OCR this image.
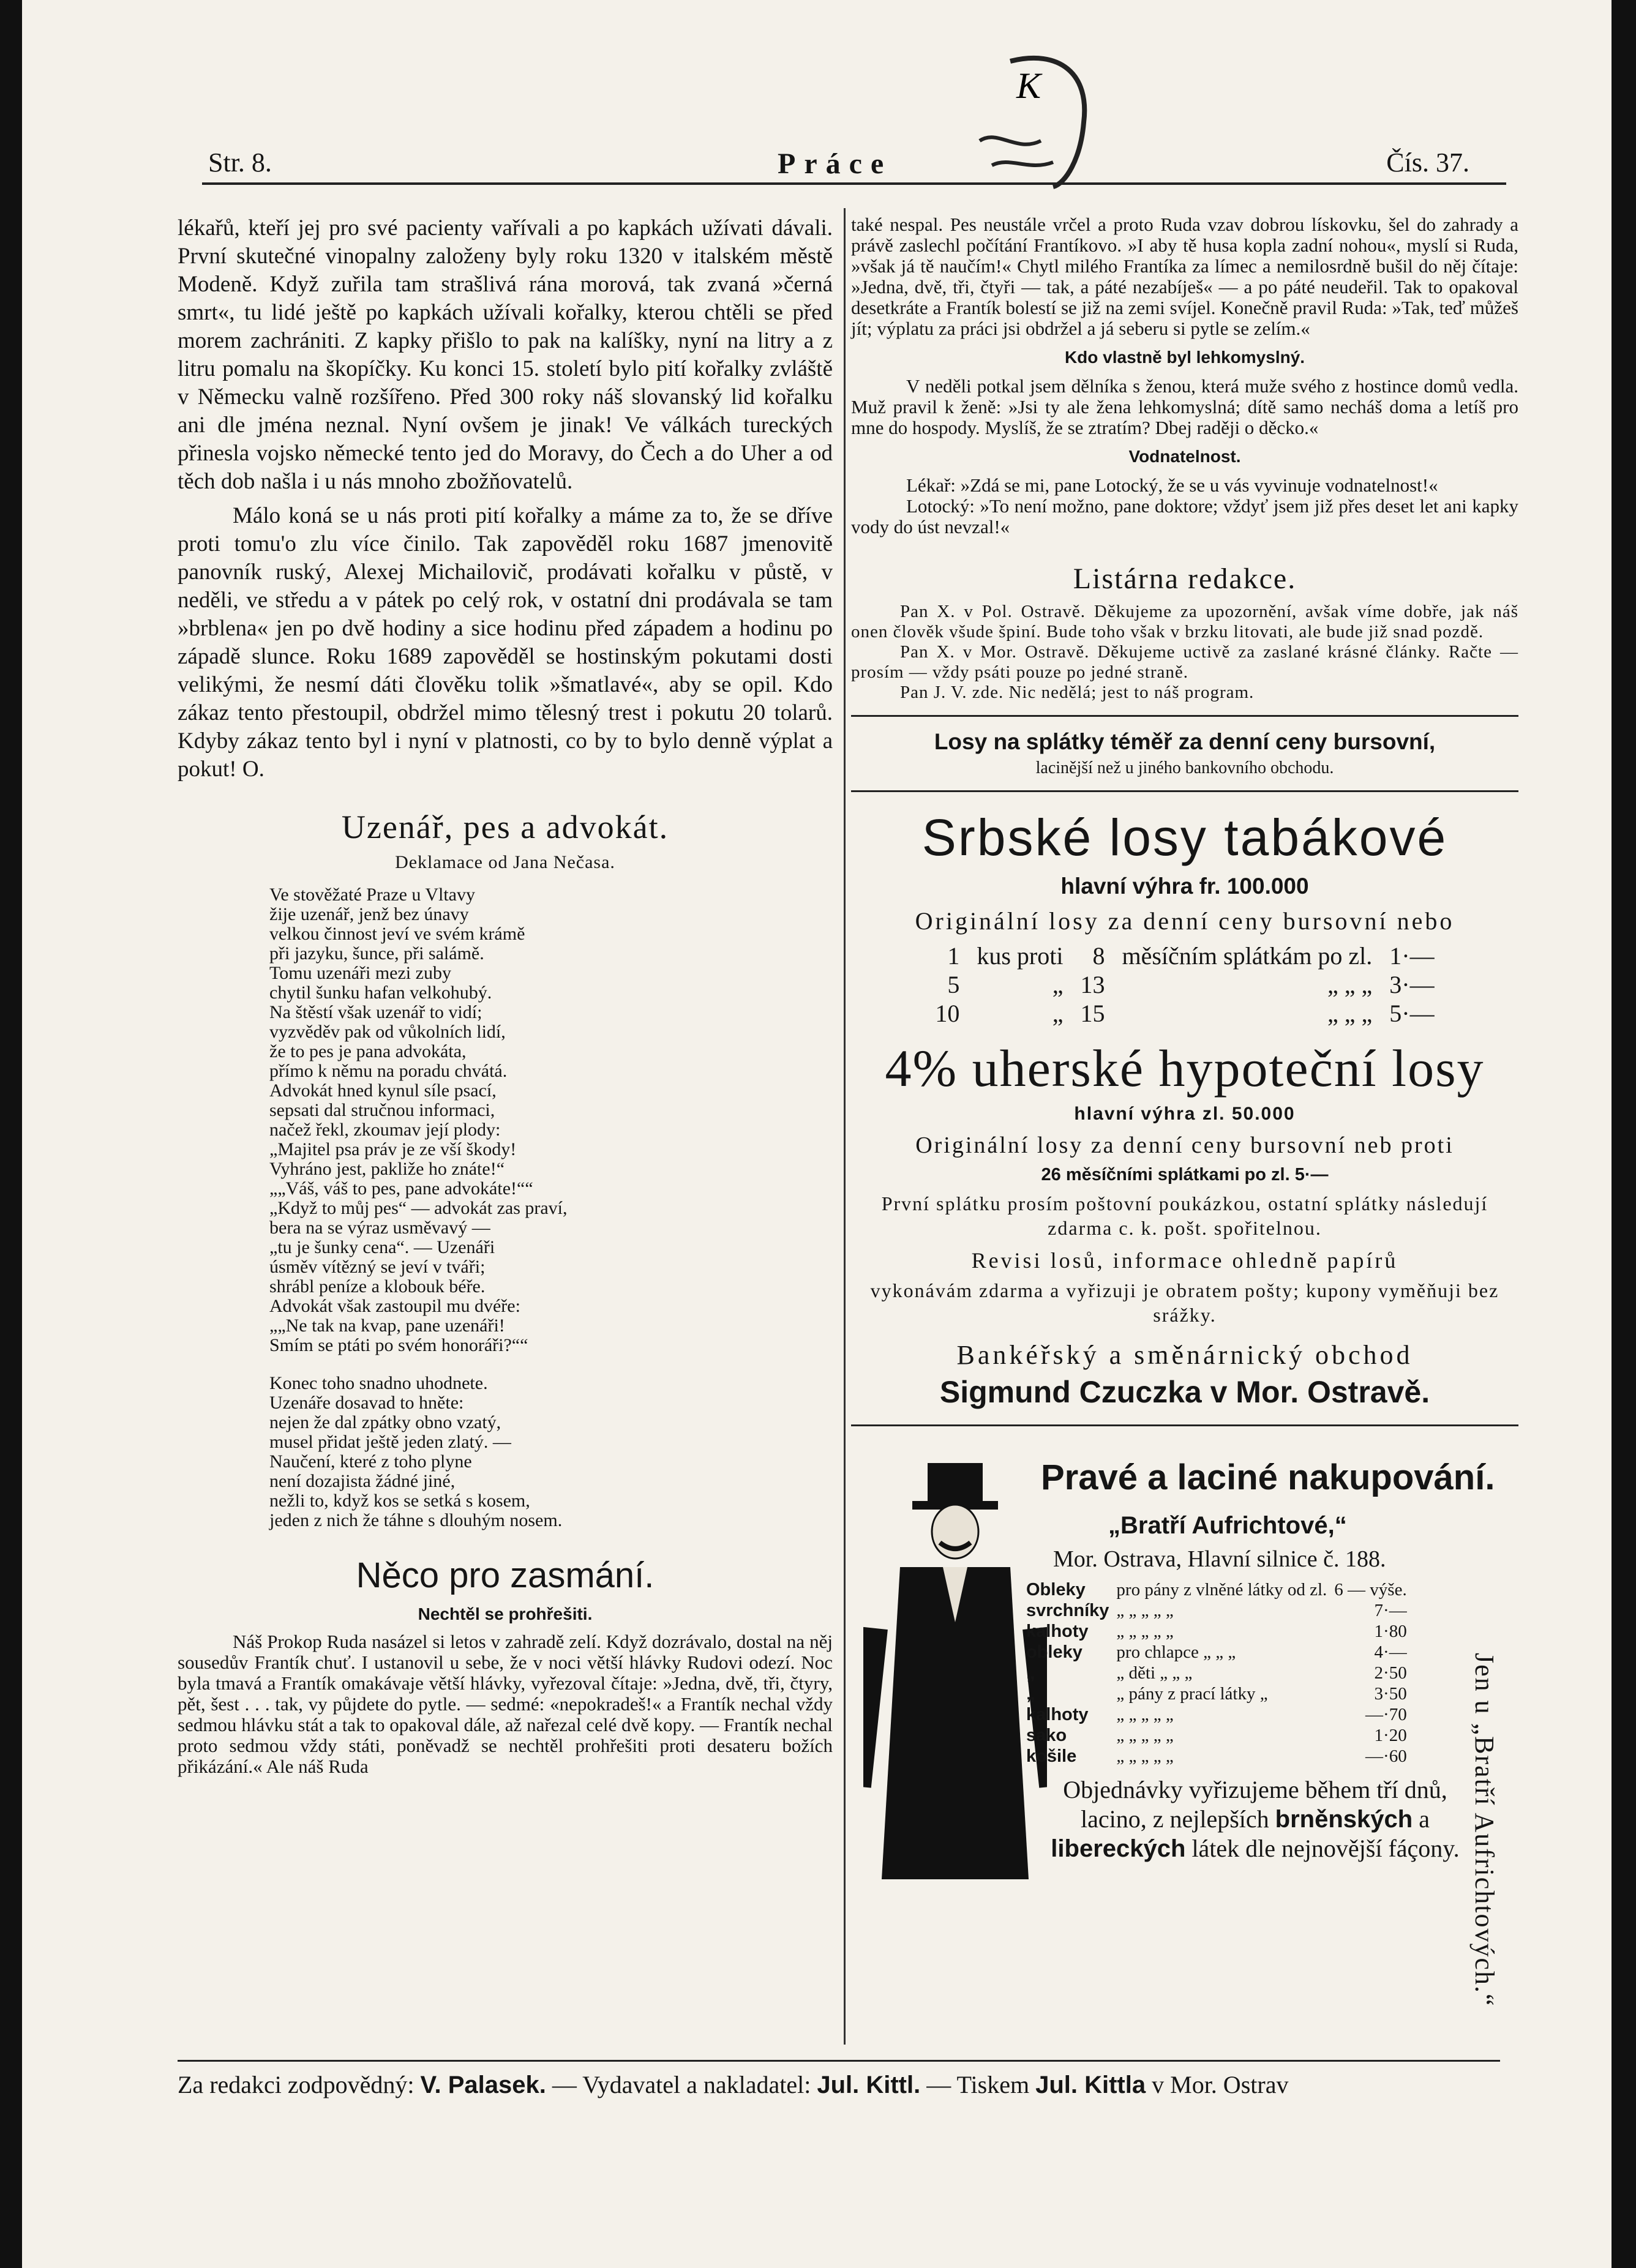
K
Str. 8.	Práce	Čís. 37.

lékařů, kteří jej pro své pacienty vařívali a po kapkách užívati dávali. První skutečné vinopalny založeny byly roku 1320 v italském městě Modeně. Když zuřila tam strašlivá rána morová, tak zvaná »černá smrt«, tu lidé ještě po kapkách užívali kořalky, kterou chtěli se před morem zachrániti. Z kapky přišlo to pak na kalíšky, nyní na litry a z litru pomalu na škopíčky. Ku konci 15. století bylo pití kořalky zvláště v Německu valně rozšířeno. Před 300 roky náš slovanský lid kořalku ani dle jména neznal. Nyní ovšem je jinak! Ve válkách tureckých přinesla vojsko německé tento jed do Moravy, do Čech a do Uher a od těch dob našla i u nás mnoho zbožňovatelů.

Málo koná se u nás proti pití kořalky a máme za to, že se dříve proti tomu'o zlu více činilo. Tak zapověděl roku 1687 jmenovitě panovník ruský, Alexej Michailovič, prodávati kořalku v půstě, v neděli, ve středu a v pátek po celý rok, v ostatní dni prodávala se tam »brblena« jen po dvě hodiny a sice hodinu před západem a hodinu po západě slunce. Roku 1689 zapověděl se hostinským pokutami dosti velikými, že nesmí dáti člověku tolik »šmatlavé«, aby se opil. Kdo zákaz tento přestoupil, obdržel mimo tělesný trest i pokutu 20 tolarů. Kdyby zákaz tento byl i nyní v platnosti, co by to bylo denně výplat a pokut! O.

Uzenář, pes a advokát.
Deklamace od Jana Nečasa.
Ve stověžaté Praze u Vltavy
žije uzenář, jenž bez únavy
velkou činnost jeví ve svém krámě
při jazyku, šunce, při salámě.
Tomu uzenáři mezi zuby
chytil šunku hafan velkohubý.
Na štěstí však uzenář to vidí;
vyzvěděv pak od vůkolních lidí,
že to pes je pana advokáta,
přímo k němu na poradu chvátá.
Advokát hned kynul síle psací,
sepsati dal stručnou informaci,
načež řekl, zkoumav její plody:
„Majitel psa práv je ze vší škody!
Vyhráno jest, pakliže ho znáte!“
„„Váš, váš to pes, pane advokáte!““
„Když to můj pes“ — advokát zas praví,
bera na se výraz usměvavý —
„tu je šunky cena“. — Uzenáři
úsměv vítězný se jeví v tváři;
shrábl peníze a klobouk béře.
Advokát však zastoupil mu dvéře:
„„Ne tak na kvap, pane uzenáři!
Smím se ptáti po svém honoráři?““
Konec toho snadno uhodnete.
Uzenáře dosavad to hněte:
nejen že dal zpátky obno vzatý,
musel přidat ještě jeden zlatý. —
Naučení, které z toho plyne
není dozajista žádné jiné,
nežli to, když kos se setká s kosem,
jeden z nich že táhne s dlouhým nosem.
Něco pro zasmání.
Nechtěl se prohřešiti.

Náš Prokop Ruda nasázel si letos v zahradě zelí. Když dozrávalo, dostal na něj sousedův Frantík chuť. I ustanovil u sebe, že v noci větší hlávky Rudovi odezí. Noc byla tmavá a Frantík omakávaje větší hlávky, vyřezoval čítaje: »Jedna, dvě, tři, čtyry, pět, šest . . . tak, vy půjdete do pytle. — sedmé: «nepokradeš!« a Frantík nechal vždy sedmou hlávku stát a tak to opakoval dále, až nařezal celé dvě kopy. — Frantík nechal proto sedmou vždy státi, poněvadž se nechtěl prohřešiti proti desateru božích přikázání.« Ale náš Ruda

také nespal. Pes neustále vrčel a proto Ruda vzav dobrou lískovku, šel do zahrady a právě zaslechl počítání Frantíkovo. »I aby tě husa kopla zadní nohou«, myslí si Ruda, »však já tě naučím!« Chytl milého Frantíka za límec a nemilosrdně bušil do něj čítaje: »Jedna, dvě, tři, čtyři — tak, a páté nezabíješ« — a po páté neudeřil. Tak to opakoval desetkráte a Frantík bolestí se již na zemi svíjel. Konečně pravil Ruda: »Tak, teď můžeš jít; výplatu za práci jsi obdržel a já seberu si pytle se zelím.«

Kdo vlastně byl lehkomyslný.

V neděli potkal jsem dělníka s ženou, která muže svého z hostince domů vedla. Muž pravil k ženě: »Jsi ty ale žena lehkomyslná; dítě samo necháš doma a letíš pro mne do hospody. Myslíš, že se ztratím? Dbej raději o děcko.«

Vodnatelnost.

Lékař: »Zdá se mi, pane Lotocký, že se u vás vyvinuje vodnatelnost!«

Lotocký: »To není možno, pane doktore; vždyť jsem již přes deset let ani kapky vody do úst nevzal!«

Listárna redakce.

Pan X. v Pol. Ostravě. Děkujeme za upozornění, avšak víme dobře, jak náš onen člověk všude špiní. Bude toho však v brzku litovati, ale bude již snad pozdě.

Pan X. v Mor. Ostravě. Děkujeme uctivě za zaslané krásné články. Račte — prosím — vždy psáti pouze po jedné straně.

Pan J. V. zde. Nic nedělá; jest to náš program.

Losy na splátky téměř za denní ceny bursovní,
lacinější než u jiného bankovního obchodu.
Srbské losy tabákové
hlavní výhra fr. 100.000
Originální losy za denní ceny bursovní nebo
1	kus proti	8	měsíčním splátkám po zl.	1·—
5	„	13	„ „ „	3·—
10	„	15	„ „ „	5·—
4% uherské hypoteční losy
hlavní výhra zl. 50.000
Originální losy za denní ceny bursovní neb proti
26 měsíčními splátkami po zl. 5·—
První splátku prosím poštovní poukázkou, ostatní splátky následují zdarma c. k. pošt. spořitelnou.
Revisi losů, informace ohledně papírů
vykonávám zdarma a vyřizuji je obratem pošty; kupony vyměňuji bez srážky.
Bankéřský a směnárnický obchod
Sigmund Czuczka v Mor. Ostravě.
Pravé a laciné nakupování.
„Bratří Aufrichtové,“
Mor. Ostrava, Hlavní silnice č. 188.
Obleky	pro pány z vlněné látky od zl.	6 — výše.
svrchníky	„ „ „ „ „	7·—
kalhoty	„ „ „ „ „	1·80
obleky	pro chlapce „ „ „	4·—
„	„ děti „ „ „	2·50
„	„ pány z prací látky „	3·50
kalhoty	„ „ „ „ „	—·70
sako	„ „ „ „ „	1·20
košile	„ „ „ „ „	—·60
Objednávky vyřizujeme během tří dnů, lacino, z nejlepších brněnských a libereckých látek dle nejnovější fáçony. Jen u „Bratří Aufrichtových.“
Za redakci zodpovědný: V. Palasek. — Vydavatel a nakladatel: Jul. Kittl. — Tiskem Jul. Kittla v Mor. Ostrav
